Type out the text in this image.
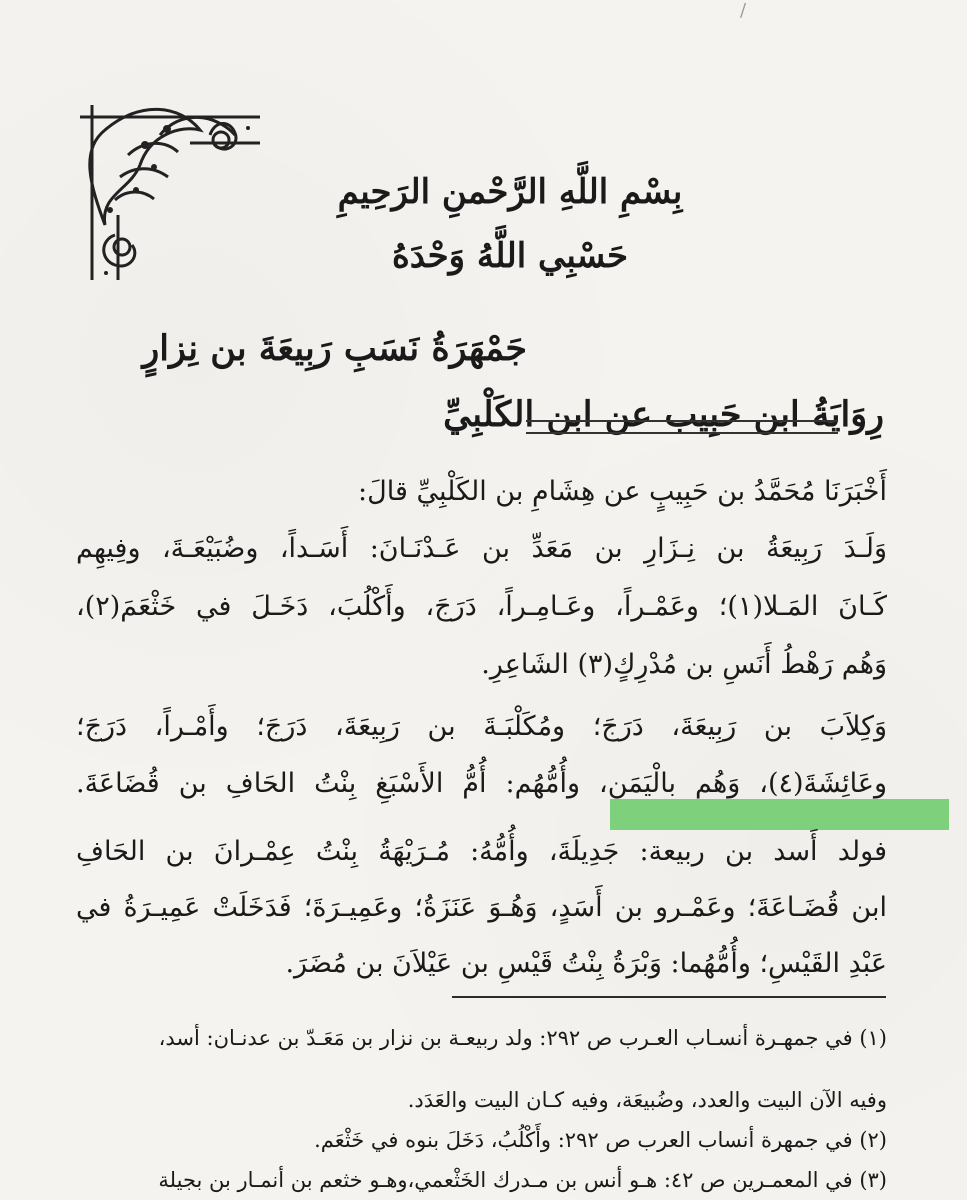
/
بِسْمِ اللَّهِ الرَّحْمنِ الرَحِيمِ
حَسْبِي اللَّهُ وَحْدَهُ
جَمْهَرَةُ نَسَبِ رَبِيعَةَ بن نِزارٍ
رِوَايَةُ ابن حَبِيب عن ابن الكَلْبِيِّ
أَخْبَرَنَا مُحَمَّدُ بن حَبِيبٍ عن هِشَامِ بن الكَلْبِيِّ قالَ:
وَلَـدَ رَبِيعَةُ بن نِـزَارِ بن مَعَدِّ بن عَـدْنَـانَ: أَسَـداً، وضُبَيْعَـةَ، وفِيهِم
كَـانَ المَـلا(١)؛ وعَمْـراً، وعَـامِـراً، دَرَجَ، وأَكْلُبَ، دَخَـلَ في خَثْعَمَ(٢)،
وَهُم رَهْطُ أَنَسِ بن مُدْرِكٍ(٣) الشَاعِرِ.
وَكِلاَبَ بن رَبِيعَةَ، دَرَجَ؛ ومُكَلْبَـةَ بن رَبِيعَةَ، دَرَجَ؛ وأَمْـراً، دَرَجَ؛
وعَائِشَةَ(٤)، وَهُم بالْيَمَن، وأُمُّهُم: أُمُّ الأَسْبَغِ بِنْتُ الحَافِ بن قُضَاعَةَ.
فولد أَسد بن ربيعة: جَدِيلَةَ، وأُمُّهُ: مُـرَيْهَةُ بِنْتُ عِمْـرانَ بن الحَافِ
ابن قُضَـاعَةَ؛ وعَمْـرو بن أَسَدٍ، وَهُـوَ عَنَزَةُ؛ وعَمِيـرَةَ؛ فَدَخَلَتْ عَمِيـرَةُ في
عَبْدِ القَيْسِ؛ وأُمُّهُما: وَبْرَةُ بِنْتُ قَيْسِ بن عَيْلاَنَ بن مُضَرَ.
(١) في جمهـرة أنسـاب العـرب ص ٢٩٢: ولد ربيعـة بن نزار بن مَعَـدّ بن عدنـان: أسد،
وفيه الآن البيت والعدد، وضُبيعَة، وفيه كـان البيت والعَدَد.
(٢) في جمهرة أنساب العرب ص ٢٩٢: وأَكْلُبُ، دَخَلَ بنوه في خَثْعَم.
(٣) في المعمـرين ص ٤٢: هـو أنس بن مـدرك الخَثْعمي،وهـو خثعم بن أنمـار بن بجيلة
